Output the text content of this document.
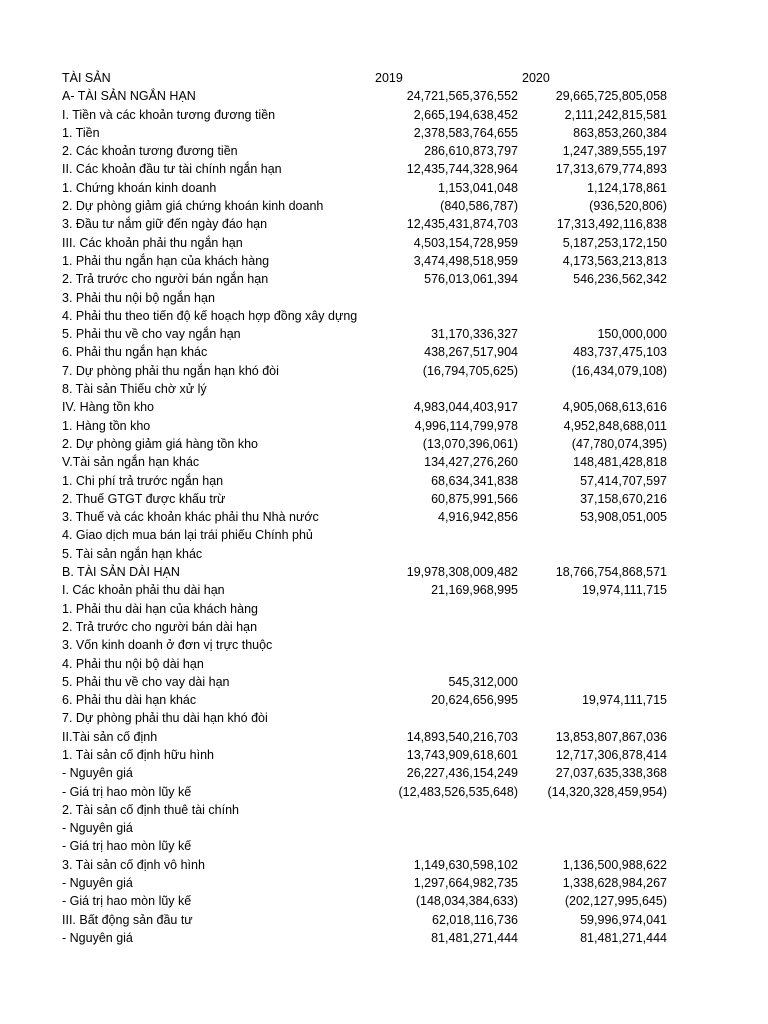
TÀI SẢN	2019	2020
A- TÀI SẢN NGẮN HẠN	24,721,565,376,552	29,665,725,805,058
I. Tiền và các khoản tương đương tiền	2,665,194,638,452	2,111,242,815,581
1. Tiền	2,378,583,764,655	863,853,260,384
2. Các khoản tương đương tiền	286,610,873,797	1,247,389,555,197
II. Các khoản đầu tư tài chính ngắn hạn	12,435,744,328,964	17,313,679,774,893
1. Chứng khoán kinh doanh	1,153,041,048	1,124,178,861
2. Dự phòng giảm giá chứng khoán kinh doanh	(840,586,787)	(936,520,806)
3. Đầu tư nắm giữ đến ngày đáo hạn	12,435,431,874,703	17,313,492,116,838
III. Các khoản phải thu ngắn hạn	4,503,154,728,959	5,187,253,172,150
1. Phải thu ngắn hạn của khách hàng	3,474,498,518,959	4,173,563,213,813
2. Trả trước cho người bán ngắn hạn	576,013,061,394	546,236,562,342
3. Phải thu nội bộ ngắn hạn
4. Phải thu theo tiến độ kế hoạch hợp đồng xây dựng
5. Phải thu về cho vay ngắn hạn	31,170,336,327	150,000,000
6. Phải thu ngắn hạn khác	438,267,517,904	483,737,475,103
7. Dự phòng phải thu ngắn hạn khó đòi	(16,794,705,625)	(16,434,079,108)
8. Tài sản Thiếu chờ xử lý
IV. Hàng tồn kho	4,983,044,403,917	4,905,068,613,616
1. Hàng tồn kho	4,996,114,799,978	4,952,848,688,011
2. Dự phòng giảm giá hàng tồn kho	(13,070,396,061)	(47,780,074,395)
V.Tài sản ngắn hạn khác	134,427,276,260	148,481,428,818
1. Chi phí trả trước ngắn hạn	68,634,341,838	57,414,707,597
2. Thuế GTGT được khấu trừ	60,875,991,566	37,158,670,216
3. Thuế và các khoản khác phải thu Nhà nước	4,916,942,856	53,908,051,005
4. Giao dịch mua bán lại trái phiếu Chính phủ
5. Tài sản ngắn hạn khác
B. TÀI SẢN DÀI HẠN	19,978,308,009,482	18,766,754,868,571
I. Các khoản phải thu dài hạn	21,169,968,995	19,974,111,715
1. Phải thu dài hạn của khách hàng
2. Trả trước cho người bán dài hạn
3. Vốn kinh doanh ở đơn vị trực thuộc
4. Phải thu nội bộ dài hạn
5. Phải thu về cho vay dài hạn	545,312,000
6. Phải thu dài hạn khác	20,624,656,995	19,974,111,715
7. Dự phòng phải thu dài hạn khó đòi
II.Tài sản cố định	14,893,540,216,703	13,853,807,867,036
1. Tài sản cố định hữu hình	13,743,909,618,601	12,717,306,878,414
- Nguyên giá	26,227,436,154,249	27,037,635,338,368
- Giá trị hao mòn lũy kế	(12,483,526,535,648) (14,320,328,459,954)
2. Tài sản cố định thuê tài chính
- Nguyên giá
- Giá trị hao mòn lũy kế
3. Tài sản cố định vô hình	1,149,630,598,102	1,136,500,988,622
- Nguyên giá	1,297,664,982,735	1,338,628,984,267
- Giá trị hao mòn lũy kế	(148,034,384,633)	(202,127,995,645)
III. Bất động sản đầu tư	62,018,116,736	59,996,974,041
- Nguyên giá	81,481,271,444	81,481,271,444
